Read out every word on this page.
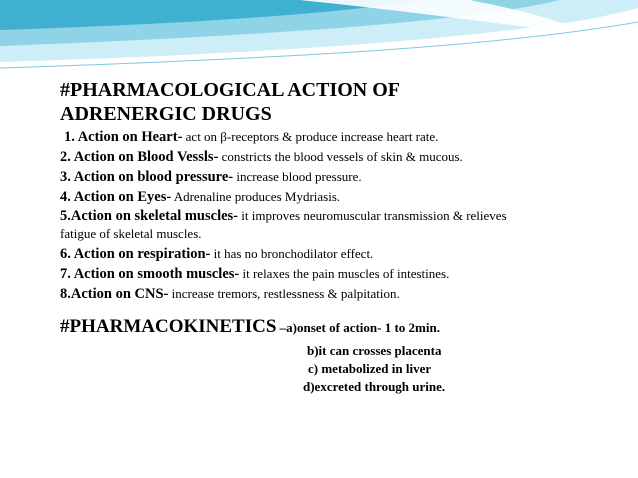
#PHARMACOLOGICAL ACTION OF
ADRENERGIC DRUGS
1. Action on Heart- act on β-receptors & produce increase heart rate.
2. Action on Blood Vessls- constricts the blood vessels of skin & mucous.
3. Action on blood pressure- increase blood pressure.
4. Action on Eyes- Adrenaline produces Mydriasis.
5.Action on skeletal muscles- it improves neuromuscular transmission & relieves fatigue of skeletal muscles.
6. Action on respiration- it has no bronchodilator effect.
7. Action on smooth muscles- it relaxes the pain muscles of intestines.
8.Action on CNS- increase tremors, restlessness & palpitation.
#PHARMACOKINETICS –a)onset of action- 1 to 2min.
b)it can crosses placenta
c) metabolized in liver
d)excreted through urine.
